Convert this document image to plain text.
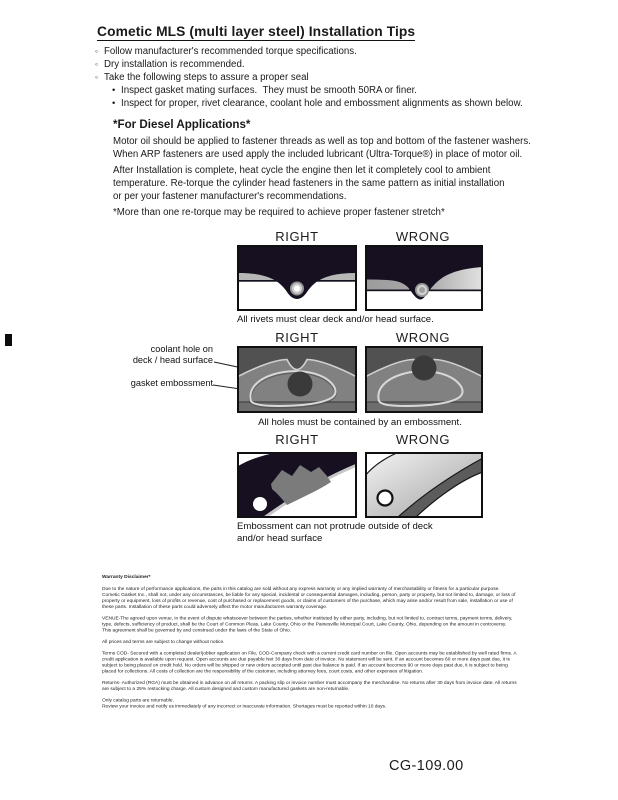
Cometic MLS (multi layer steel) Installation Tips
◦ Follow manufacturer's recommended torque specifications.
◦ Dry installation is recommended.
◦ Take the following steps to assure a proper seal
• Inspect gasket mating surfaces.  They must be smooth 50RA or finer.
• Inspect for proper, rivet clearance, coolant hole and embossment alignments as shown below.
*For Diesel Applications*
Motor oil should be applied to fastener threads as well as top and bottom of the fastener washers.
When ARP fasteners are used apply the included lubricant (Ultra-Torque®) in place of motor oil.
After Installation is complete, heat cycle the engine then let it completely cool to ambient
temperature. Re-torque the cylinder head fasteners in the same pattern as initial installation
or per your fastener manufacturer's recommendations.
*More than one re-torque may be required to achieve proper fastener stretch*
RIGHT	WRONG
All rivets must clear deck and/or head surface.
RIGHT	WRONG
coolant hole on
deck / head surface
gasket embossment
All holes must be contained by an embossment.
RIGHT	WRONG
Embossment can not protrude outside of deck
and/or head surface
Warranty Disclaimer*
Due to the nature of performance applications, the parts in this catalog are sold without any express warranty or any implied warranty of merchantability or fitness for a particular purpose. Cometic Gasket Inc., shall not, under any circumstances, be liable for any special, incidental or consequential damages, including, person, party or property, but not limited to, damage, or loss of property or equipment, loss of profits or revenue, cost of purchased or replacement goods, or claims of customers of the purchase, which may arise and/or result from sale, installation or use of these parts. Installation of these parts could adversely affect the motor manufacturers warranty coverage.
VENUE-The agreed upon venue, in the event of dispute whatsoever between the parties, whether instituted by either party, including, but not limited to, contract terms, payment terms, delivery, type, defects, sufficiency of product, shall be the Court of Common Pleas, Lake County, Ohio or the Painesville Municipal Court, Lake County, Ohio, depending on the amount in controversy.
This agreement shall be governed by and construed under the laws of the State of Ohio.
All prices and terms are subject to change without notice.
Terms COD- Secured with a completed dealer/jobber application on File, COD-Company check with a current credit card number on file. Open accounts may be established by well rated firms. A credit application is available upon request. Open accounts are due payable Net 30 days from date of invoice. No statement will be sent. If an account becomes 60 or more days past due, it is subject to being placed on credit hold. No orders will be shipped or new orders accepted until past due balance is paid. If an account becomes 90 or more days past due, it is subject to being placed for collections. All costs of collection are the responsibility of the customer, including attorney fees, court costs, and other expenses of litigation.
Returns- Authorized (RGA) must be obtained in advance on all returns. A packing slip or invoice number must accompany the merchandise. No returns after 30 days from invoice date. All returns are subject to a 25% restocking charge. All custom designed and custom manufactured gaskets are non-returnable.
Only catalog parts are returnable.
Review your invoice and notify us immediately of any incorrect or inaccurate information. Shortages must be reported within 10 days.
CG-109.00
